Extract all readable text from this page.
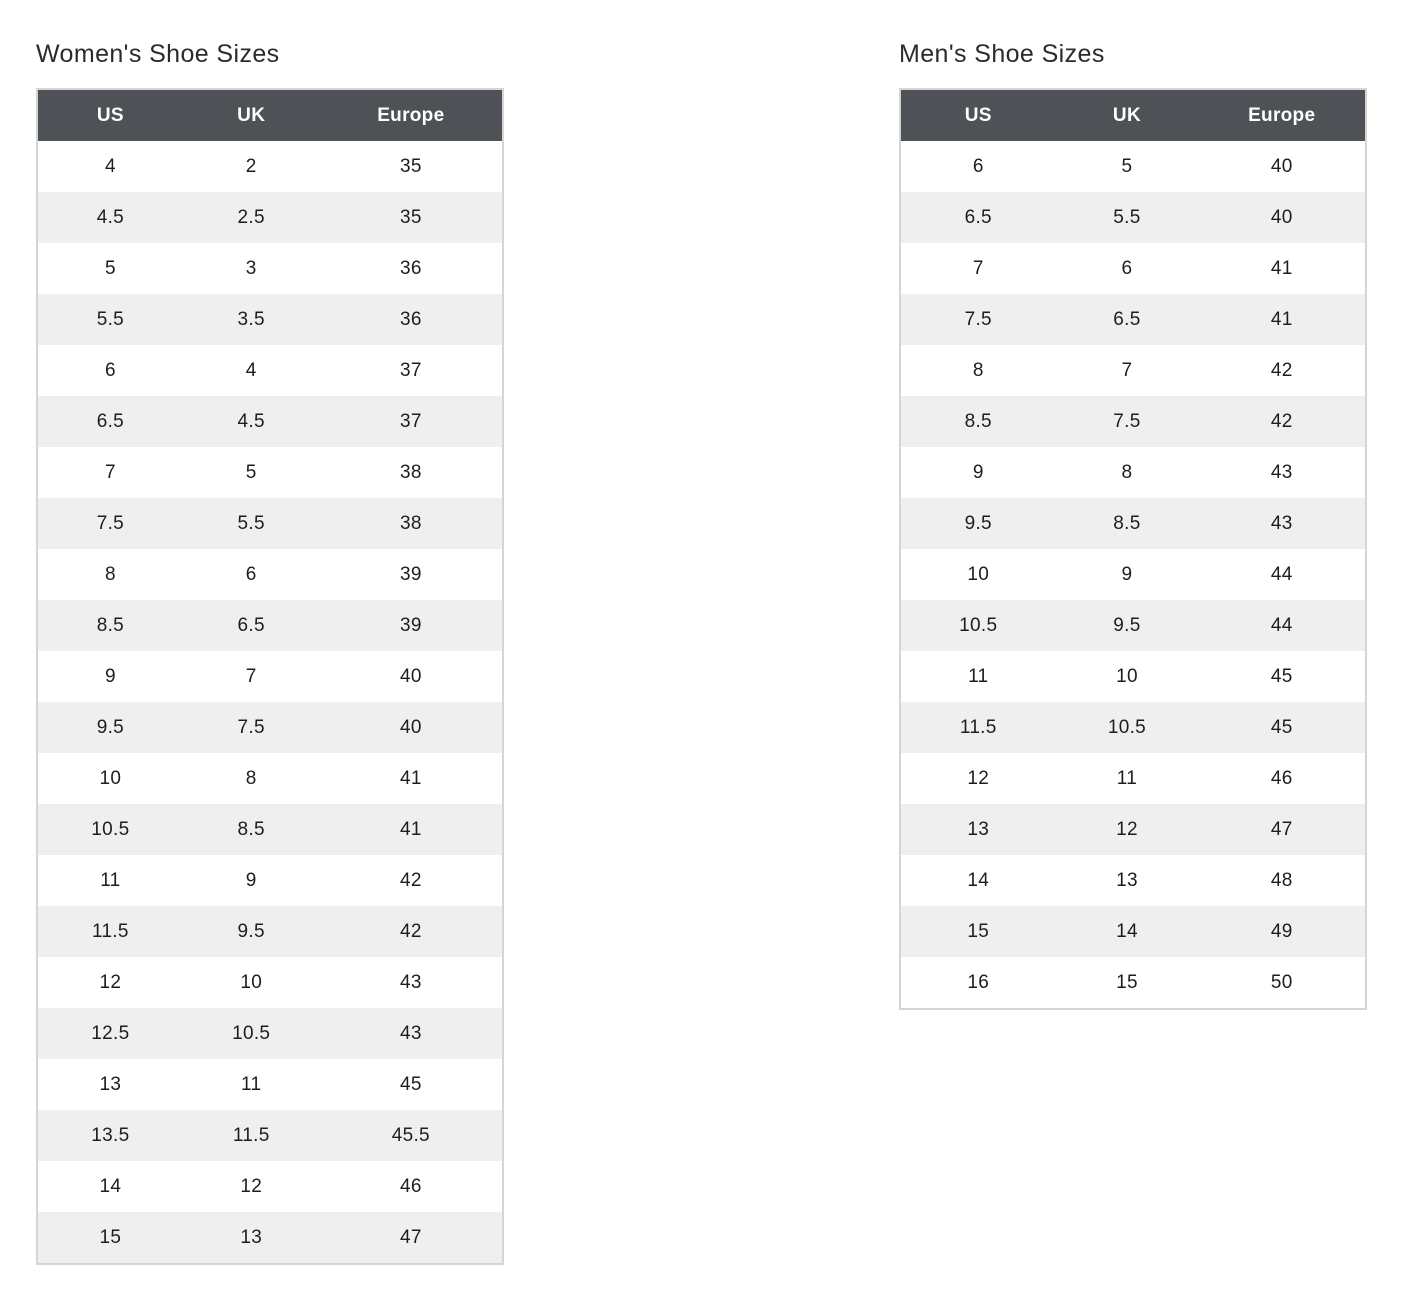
Women's Shoe Sizes
US	UK	Europe
4	2	35
4.5	2.5	35
5	3	36
5.5	3.5	36
6	4	37
6.5	4.5	37
7	5	38
7.5	5.5	38
8	6	39
8.5	6.5	39
9	7	40
9.5	7.5	40
10	8	41
10.5	8.5	41
11	9	42
11.5	9.5	42
12	10	43
12.5	10.5	43
13	11	45
13.5	11.5	45.5
14	12	46
15	13	47
Men's Shoe Sizes
US	UK	Europe
6	5	40
6.5	5.5	40
7	6	41
7.5	6.5	41
8	7	42
8.5	7.5	42
9	8	43
9.5	8.5	43
10	9	44
10.5	9.5	44
11	10	45
11.5	10.5	45
12	11	46
13	12	47
14	13	48
15	14	49
16	15	50
